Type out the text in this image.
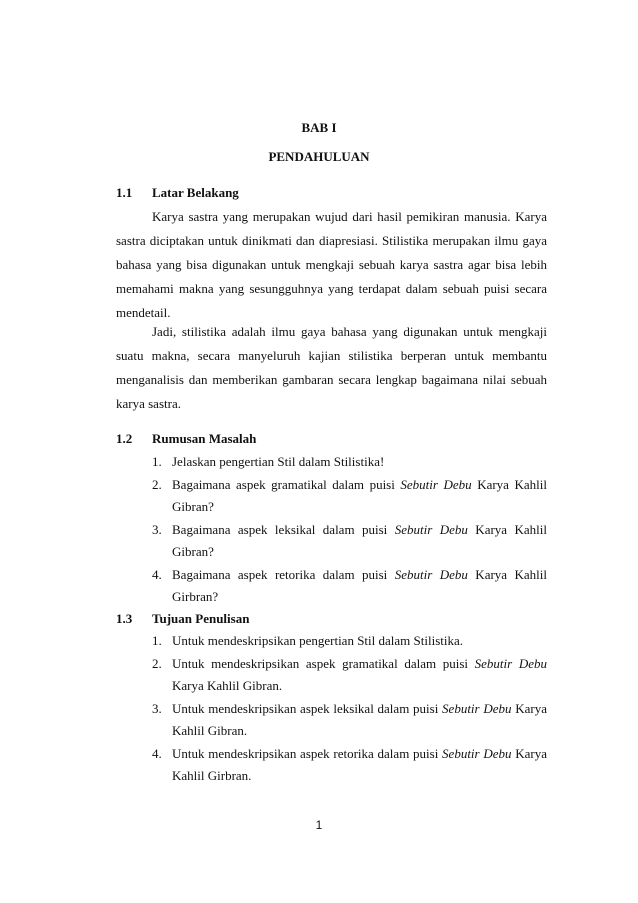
BAB I
PENDAHULUAN
1.1 Latar Belakang

Karya sastra yang merupakan wujud dari hasil pemikiran manusia. Karya sastra diciptakan untuk dinikmati dan diapresiasi. Stilistika merupakan ilmu gaya bahasa yang bisa digunakan untuk mengkaji sebuah karya sastra agar bisa lebih memahami makna yang sesungguhnya yang terdapat dalam sebuah puisi secara mendetail.

Jadi, stilistika adalah ilmu gaya bahasa yang digunakan untuk mengkaji suatu makna, secara manyeluruh kajian stilistika berperan untuk membantu menganalisis dan memberikan gambaran secara lengkap bagaimana nilai sebuah karya sastra.

1.2 Rumusan Masalah
1. Jelaskan pengertian Stil dalam Stilistika!
2. Bagaimana aspek gramatikal dalam puisi Sebutir Debu Karya Kahlil Gibran?
3. Bagaimana aspek leksikal dalam puisi Sebutir Debu Karya Kahlil Gibran?
4. Bagaimana aspek retorika dalam puisi Sebutir Debu Karya Kahlil Girbran?
1.3 Tujuan Penulisan
1. Untuk mendeskripsikan pengertian Stil dalam Stilistika.
2. Untuk mendeskripsikan aspek gramatikal dalam puisi Sebutir Debu Karya Kahlil Gibran.
3. Untuk mendeskripsikan aspek leksikal dalam puisi Sebutir Debu Karya Kahlil Gibran.
4. Untuk mendeskripsikan aspek retorika dalam puisi Sebutir Debu Karya Kahlil Girbran.
1
